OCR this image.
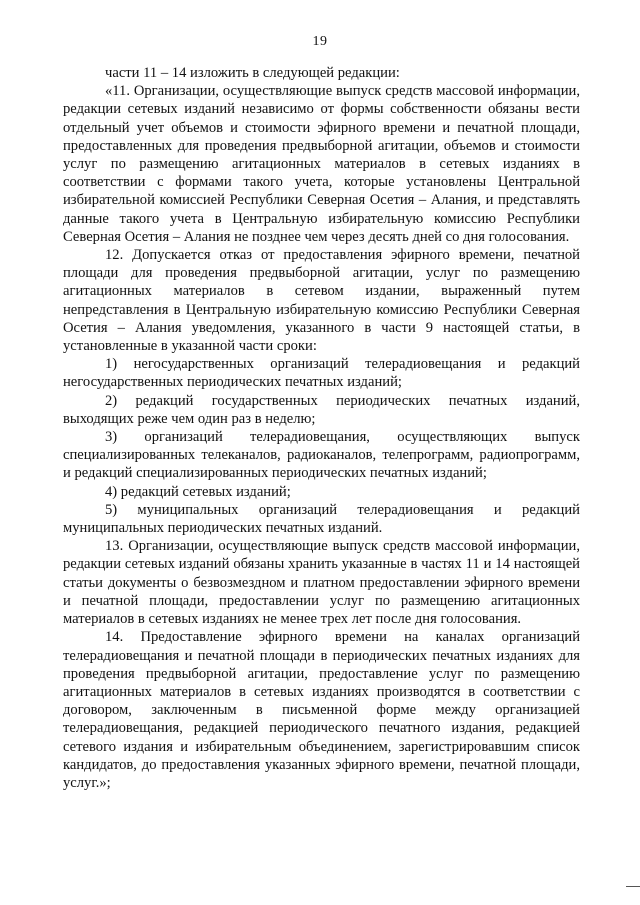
19

части 11 – 14 изложить в следующей редакции:

«11. Организации, осуществляющие выпуск средств массовой информации, редакции сетевых изданий независимо от формы собственности обязаны вести отдельный учет объемов и стоимости эфирного времени и печатной площади, предоставленных для проведения предвыборной агитации, объемов и стоимости услуг по размещению агитационных материалов в сетевых изданиях в соответствии с формами такого учета, которые установлены Центральной избирательной комиссией Республики Северная Осетия – Алания, и представлять данные такого учета в Центральную избирательную комиссию Республики Северная Осетия – Алания не позднее чем через десять дней со дня голосования.

12. Допускается отказ от предоставления эфирного времени, печатной площади для проведения предвыборной агитации, услуг по размещению агитационных материалов в сетевом издании, выраженный путем непредставления в Центральную избирательную комиссию Республики Северная Осетия – Алания уведомления, указанного в части 9 настоящей статьи, в установленные в указанной части сроки:

1) негосударственных организаций телерадиовещания и редакций негосударственных периодических печатных изданий;

2) редакций государственных периодических печатных изданий, выходящих реже чем один раз в неделю;

3) организаций телерадиовещания, осуществляющих выпуск специализированных телеканалов, радиоканалов, телепрограмм, радиопрограмм, и редакций специализированных периодических печатных изданий;

4) редакций сетевых изданий;

5) муниципальных организаций телерадиовещания и редакций муниципальных периодических печатных изданий.

13. Организации, осуществляющие выпуск средств массовой информации, редакции сетевых изданий обязаны хранить указанные в частях 11 и 14 настоящей статьи документы о безвозмездном и платном предоставлении эфирного времени и печатной площади, предоставлении услуг по размещению агитационных материалов в сетевых изданиях не менее трех лет после дня голосования.

14. Предоставление эфирного времени на каналах организаций телерадиовещания и печатной площади в периодических печатных изданиях для проведения предвыборной агитации, предоставление услуг по размещению агитационных материалов в сетевых изданиях производятся в соответствии с договором, заключенным в письменной форме между организацией телерадиовещания, редакцией периодического печатного издания, редакцией сетевого издания и избирательным объединением, зарегистрировавшим список кандидатов, до предоставления указанных эфирного времени, печатной площади, услуг.»;
